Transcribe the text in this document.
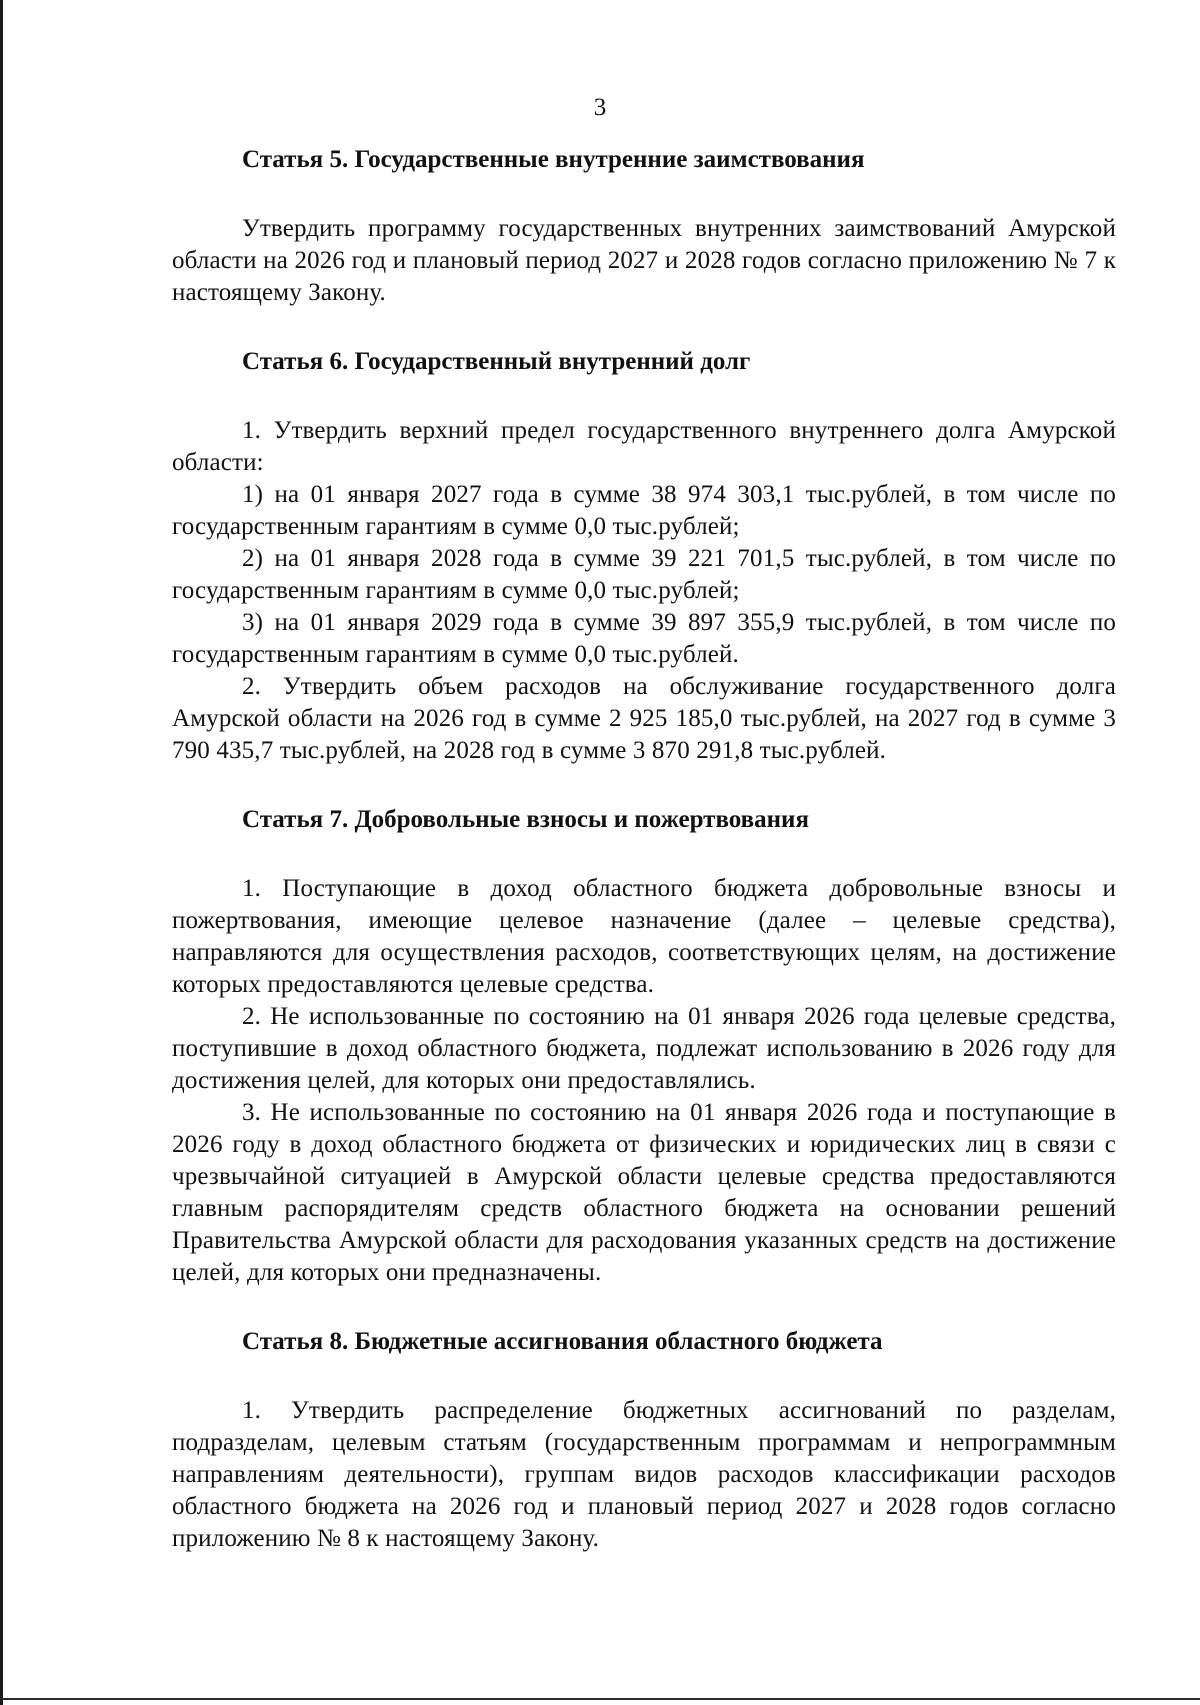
3
Статья 5. Государственные внутренние заимствования

Утвердить программу государственных внутренних заимствований Амурской области на 2026 год и плановый период 2027 и 2028 годов согласно приложению № 7 к настоящему Закону.

Статья 6. Государственный внутренний долг

1. Утвердить верхний предел государственного внутреннего долга Амурской области:

1) на 01 января 2027 года в сумме 38 974 303,1 тыс.рублей, в том числе по государственным гарантиям в сумме 0,0 тыс.рублей;

2) на 01 января 2028 года в сумме 39 221 701,5 тыс.рублей, в том числе по государственным гарантиям в сумме 0,0 тыс.рублей;

3) на 01 января 2029 года в сумме 39 897 355,9 тыс.рублей, в том числе по государственным гарантиям в сумме 0,0 тыс.рублей.

2. Утвердить объем расходов на обслуживание государственного долга Амурской области на 2026 год в сумме 2 925 185,0 тыс.рублей, на 2027 год в сумме 3 790 435,7 тыс.рублей, на 2028 год в сумме 3 870 291,8 тыс.рублей.

Статья 7. Добровольные взносы и пожертвования

1. Поступающие в доход областного бюджета добровольные взносы и пожертвования, имеющие целевое назначение (далее – целевые средства), направляются для осуществления расходов, соответствующих целям, на достижение которых предоставляются целевые средства.

2. Не использованные по состоянию на 01 января 2026 года целевые средства, поступившие в доход областного бюджета, подлежат использованию в 2026 году для достижения целей, для которых они предоставлялись.

3. Не использованные по состоянию на 01 января 2026 года и поступающие в 2026 году в доход областного бюджета от физических и юридических лиц в связи с чрезвычайной ситуацией в Амурской области целевые средства предоставляются главным распорядителям средств областного бюджета на основании решений Правительства Амурской области для расходования указанных средств на достижение целей, для которых они предназначены.

Статья 8. Бюджетные ассигнования областного бюджета

1. Утвердить распределение бюджетных ассигнований по разделам, подразделам, целевым статьям (государственным программам и непрограммным направлениям деятельности), группам видов расходов классификации расходов областного бюджета на 2026 год и плановый период 2027 и 2028 годов согласно приложению № 8 к настоящему Закону.
